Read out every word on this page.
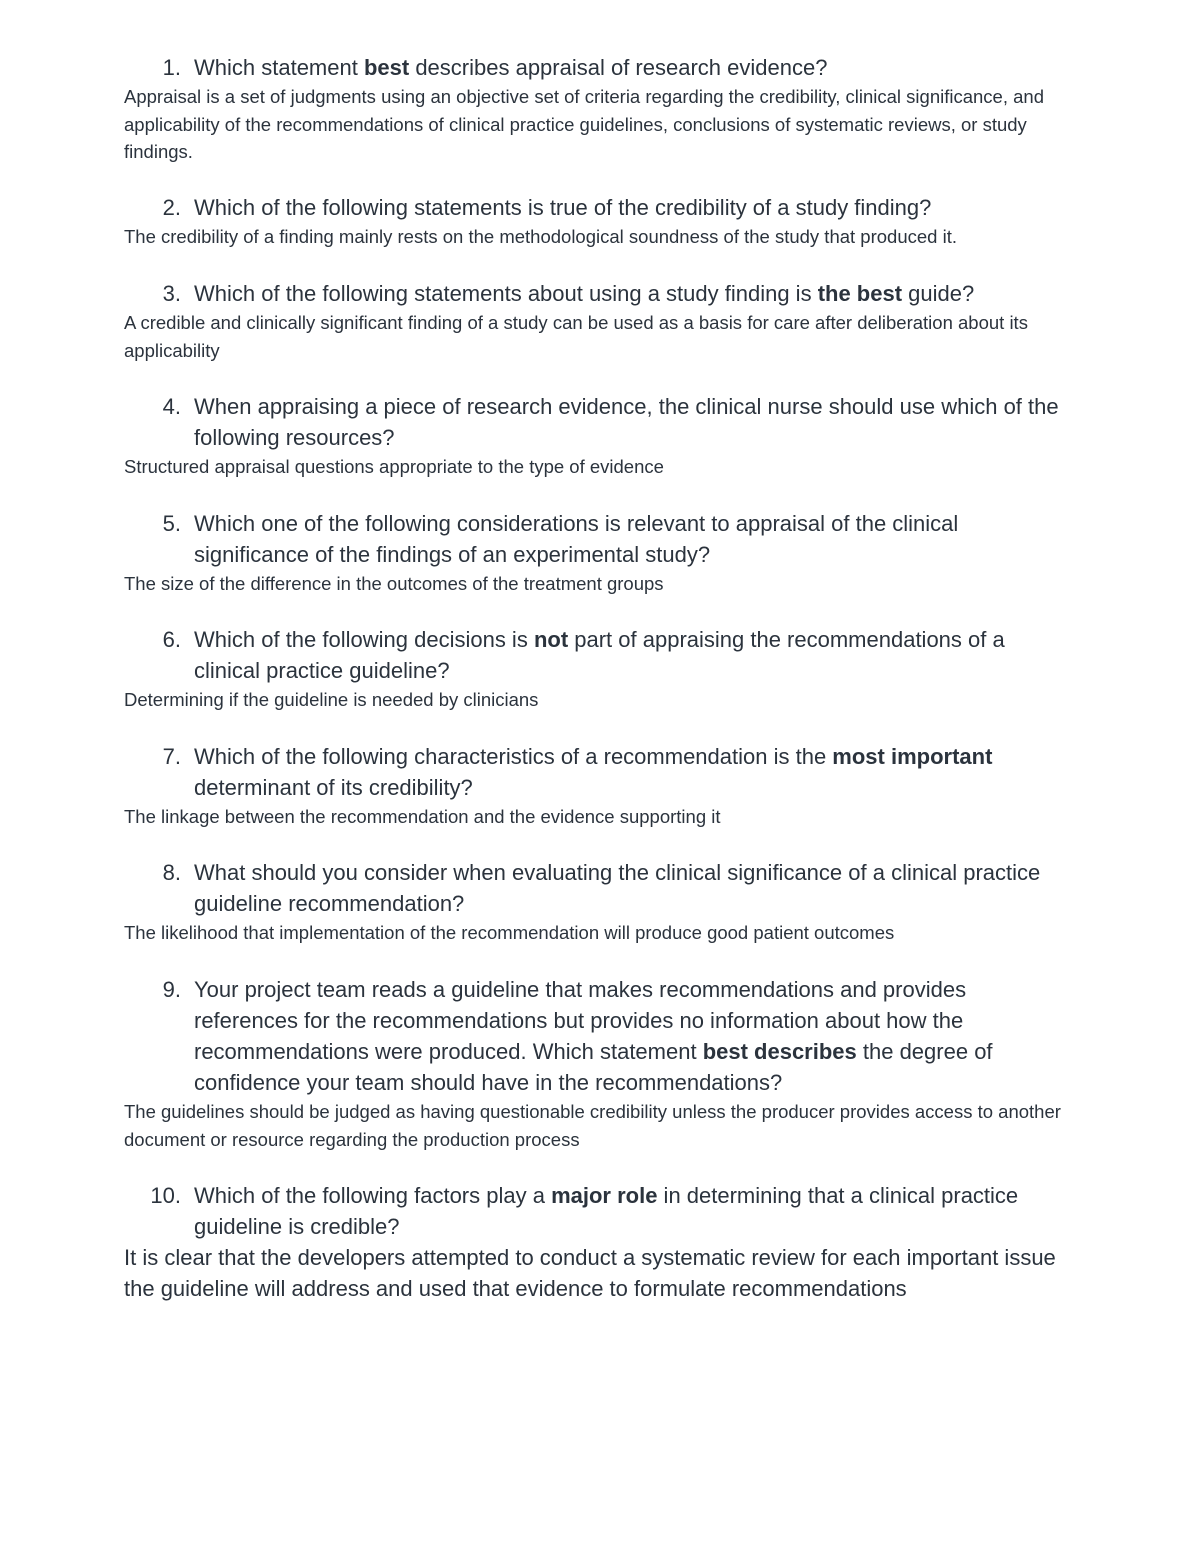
1. Which statement best describes appraisal of research evidence?
Appraisal is a set of judgments using an objective set of criteria regarding the credibility, clinical significance, and applicability of the recommendations of clinical practice guidelines, conclusions of systematic reviews, or study findings.
2. Which of the following statements is true of the credibility of a study finding?
The credibility of a finding mainly rests on the methodological soundness of the study that produced it.
3. Which of the following statements about using a study finding is the best guide?
A credible and clinically significant finding of a study can be used as a basis for care after deliberation about its applicability
4. When appraising a piece of research evidence, the clinical nurse should use which of the following resources?
Structured appraisal questions appropriate to the type of evidence
5. Which one of the following considerations is relevant to appraisal of the clinical significance of the findings of an experimental study?
The size of the difference in the outcomes of the treatment groups
6. Which of the following decisions is not part of appraising the recommendations of a clinical practice guideline?
Determining if the guideline is needed by clinicians
7. Which of the following characteristics of a recommendation is the most important determinant of its credibility?
The linkage between the recommendation and the evidence supporting it
8. What should you consider when evaluating the clinical significance of a clinical practice guideline recommendation?
The likelihood that implementation of the recommendation will produce good patient outcomes
9. Your project team reads a guideline that makes recommendations and provides references for the recommendations but provides no information about how the recommendations were produced. Which statement best describes the degree of confidence your team should have in the recommendations?
The guidelines should be judged as having questionable credibility unless the producer provides access to another document or resource regarding the production process
10. Which of the following factors play a major role in determining that a clinical practice guideline is credible?
It is clear that the developers attempted to conduct a systematic review for each important issue the guideline will address and used that evidence to formulate recommendations
